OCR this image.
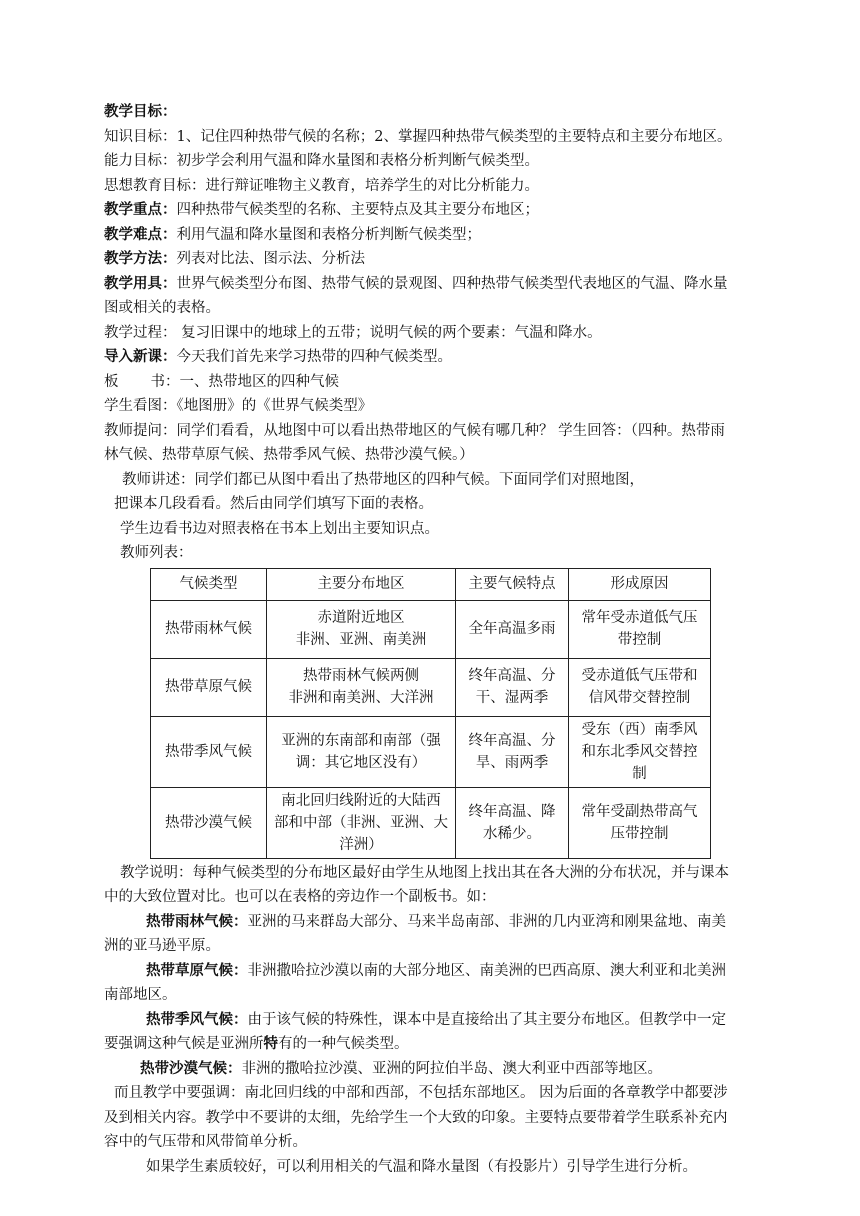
教学目标：

知识目标：1、记住四种热带气候的名称；2、掌握四种热带气候类型的主要特点和主要分布地区。

能力目标：初步学会利用气温和降水量图和表格分析判断气候类型。

思想教育目标：进行辩证唯物主义教育，培养学生的对比分析能力。

教学重点：四种热带气候类型的名称、主要特点及其主要分布地区；

教学难点：利用气温和降水量图和表格分析判断气候类型；

教学方法：列表对比法、图示法、分析法

教学用具：世界气候类型分布图、热带气候的景观图、四种热带气候类型代表地区的气温、降水量

图或相关的表格。

教学过程： 复习旧课中的地球上的五带；说明气候的两个要素：气温和降水。

导入新课：今天我们首先来学习热带的四种气候类型。

板 书：一、热带地区的四种气候

学生看图：《地图册》的《世界气候类型》

教师提问：同学们看看，从地图中可以看出热带地区的气候有哪几种？ 学生回答：（四种。热带雨

林气候、热带草原气候、热带季风气候、热带沙漠气候。）

教师讲述：同学们都已从图中看出了热带地区的四种气候。下面同学们对照地图，

把课本几段看看。然后由同学们填写下面的表格。

学生边看书边对照表格在书本上划出主要知识点。

教师列表：

气候类型	主要分布地区	主要气候特点	形成原因
热带雨林气候	赤道附近地区
非洲、亚洲、南美洲	全年高温多雨	常年受赤道低气压
带控制
热带草原气候	热带雨林气候两侧
非洲和南美洲、大洋洲	终年高温、分
干、湿两季	受赤道低气压带和
信风带交替控制
热带季风气候	亚洲的东南部和南部（强
调：其它地区没有）	终年高温、分
旱、雨两季	受东（西）南季风
和东北季风交替控
制
热带沙漠气候	南北回归线附近的大陆西
部和中部（非洲、亚洲、大
洋洲）	终年高温、降
水稀少。	常年受副热带高气
压带控制

教学说明：每种气候类型的分布地区最好由学生从地图上找出其在各大洲的分布状况，并与课本

中的大致位置对比。也可以在表格的旁边作一个副板书。如：

热带雨林气候：亚洲的马来群岛大部分、马来半岛南部、非洲的几内亚湾和刚果盆地、南美

洲的亚马逊平原。

热带草原气候：非洲撒哈拉沙漠以南的大部分地区、南美洲的巴西高原、澳大利亚和北美洲

南部地区。

热带季风气候：由于该气候的特殊性，课本中是直接给出了其主要分布地区。但教学中一定

要强调这种气候是亚洲所特有的一种气候类型。

热带沙漠气候：非洲的撒哈拉沙漠、亚洲的阿拉伯半岛、澳大利亚中西部等地区。

而且教学中要强调：南北回归线的中部和西部，不包括东部地区。 因为后面的各章教学中都要涉

及到相关内容。教学中不要讲的太细，先给学生一个大致的印象。主要特点要带着学生联系补充内

容中的气压带和风带简单分析。

如果学生素质较好，可以利用相关的气温和降水量图（有投影片）引导学生进行分析。
